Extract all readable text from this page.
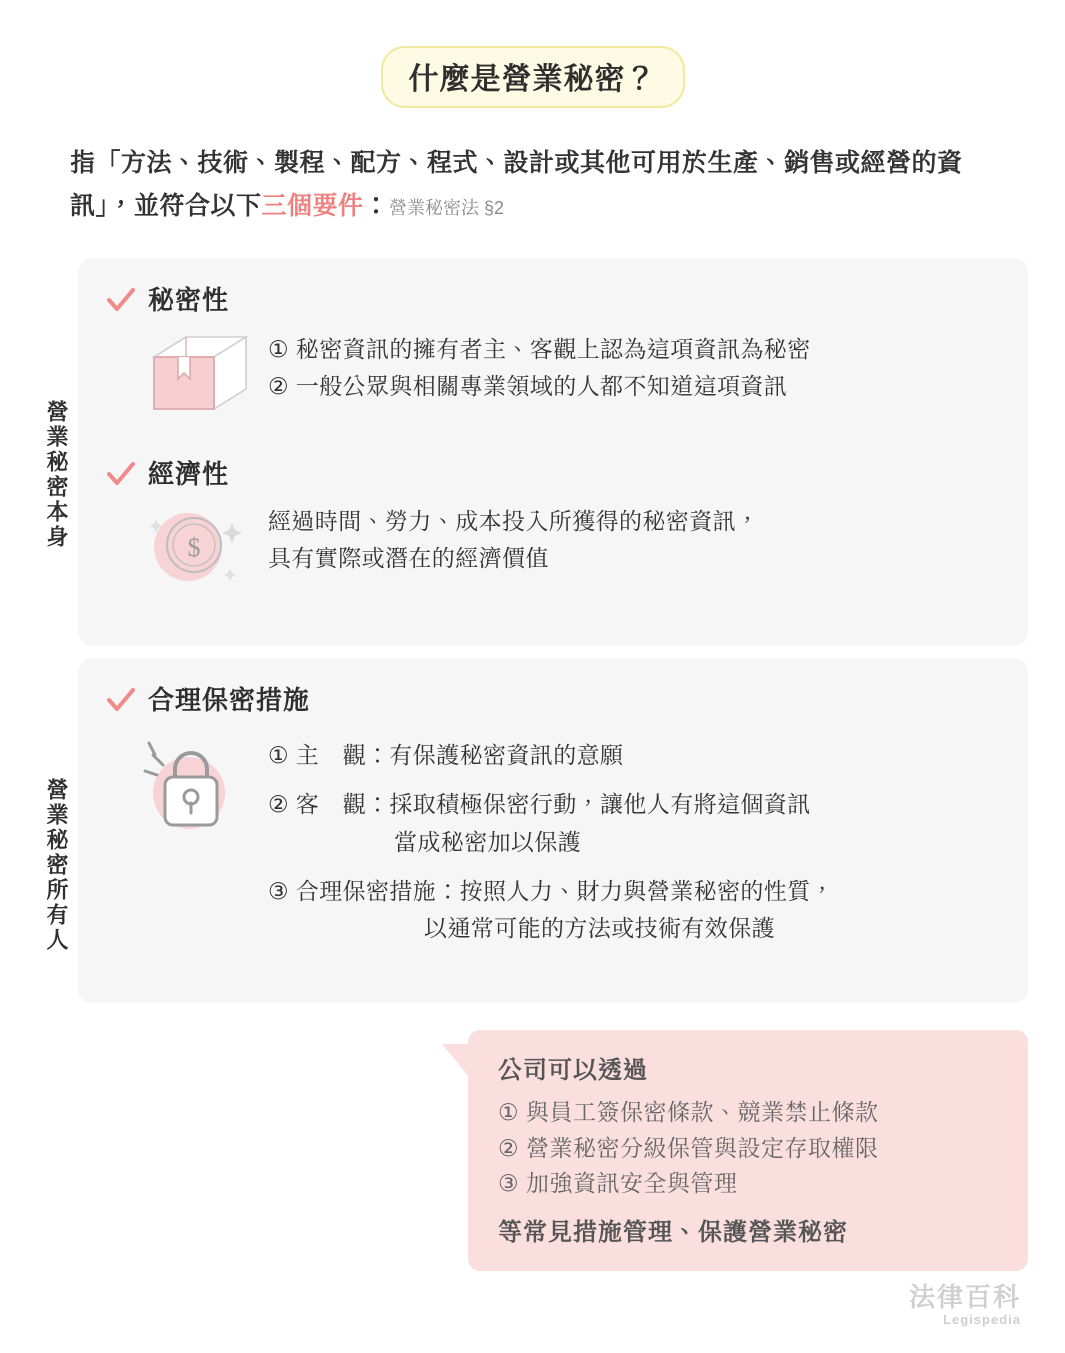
什麼是營業秘密？
指「方法、技術、製程、配方、程式、設計或其他可用於生產、銷售或經營的資訊」，並符合以下三個要件：營業秘密法 §2
營業秘密本身
營業秘密所有人
秘密性
① 秘密資訊的擁有者主、客觀上認為這項資訊為秘密
② 一般公眾與相關專業領域的人都不知道這項資訊
經濟性
$
經過時間、勞力、成本投入所獲得的秘密資訊，
具有實際或潛在的經濟價值
合理保密措施
① 主　觀：有保護秘密資訊的意願
② 客　觀：採取積極保密行動，讓他人有將這個資訊
當成秘密加以保護
③ 合理保密措施：按照人力、財力與營業秘密的性質，
以通常可能的方法或技術有效保護
公司可以透過
① 與員工簽保密條款、競業禁止條款
② 營業秘密分級保管與設定存取權限
③ 加強資訊安全與管理
等常見措施管理、保護營業秘密
法律百科
Legispedia
